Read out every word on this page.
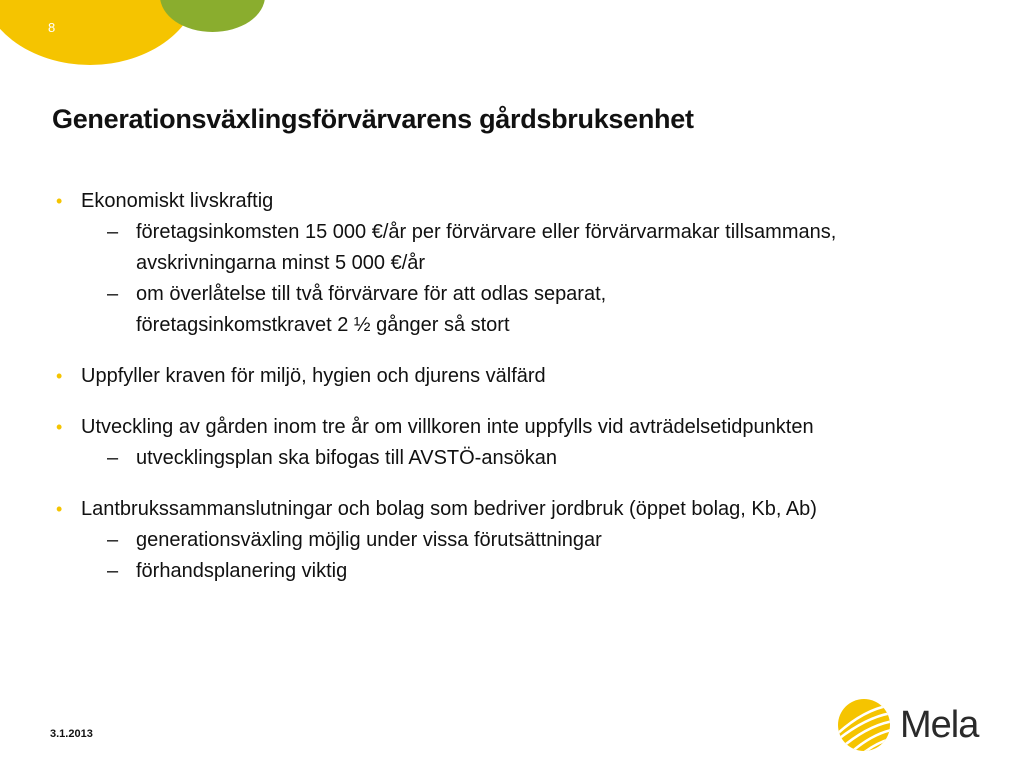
8
Generationsväxlingsförvärvarens gårdsbruksenhet
• Ekonomiskt livskraftig
– företagsinkomsten 15 000 €/år per förvärvare eller förvärvarmakar tillsammans,
avskrivningarna minst 5 000 €/år
– om överlåtelse till två förvärvare för att odlas separat,
företagsinkomstkravet 2 ½ gånger så stort
• Uppfyller kraven för miljö, hygien och djurens välfärd
• Utveckling av gården inom tre år om villkoren inte uppfylls vid avträdelsetidpunkten
– utvecklingsplan ska bifogas till AVSTÖ-ansökan
• Lantbrukssammanslutningar och bolag som bedriver jordbruk (öppet bolag, Kb, Ab)
– generationsväxling möjlig under vissa förutsättningar
– förhandsplanering viktig
3.1.2013	Mela
